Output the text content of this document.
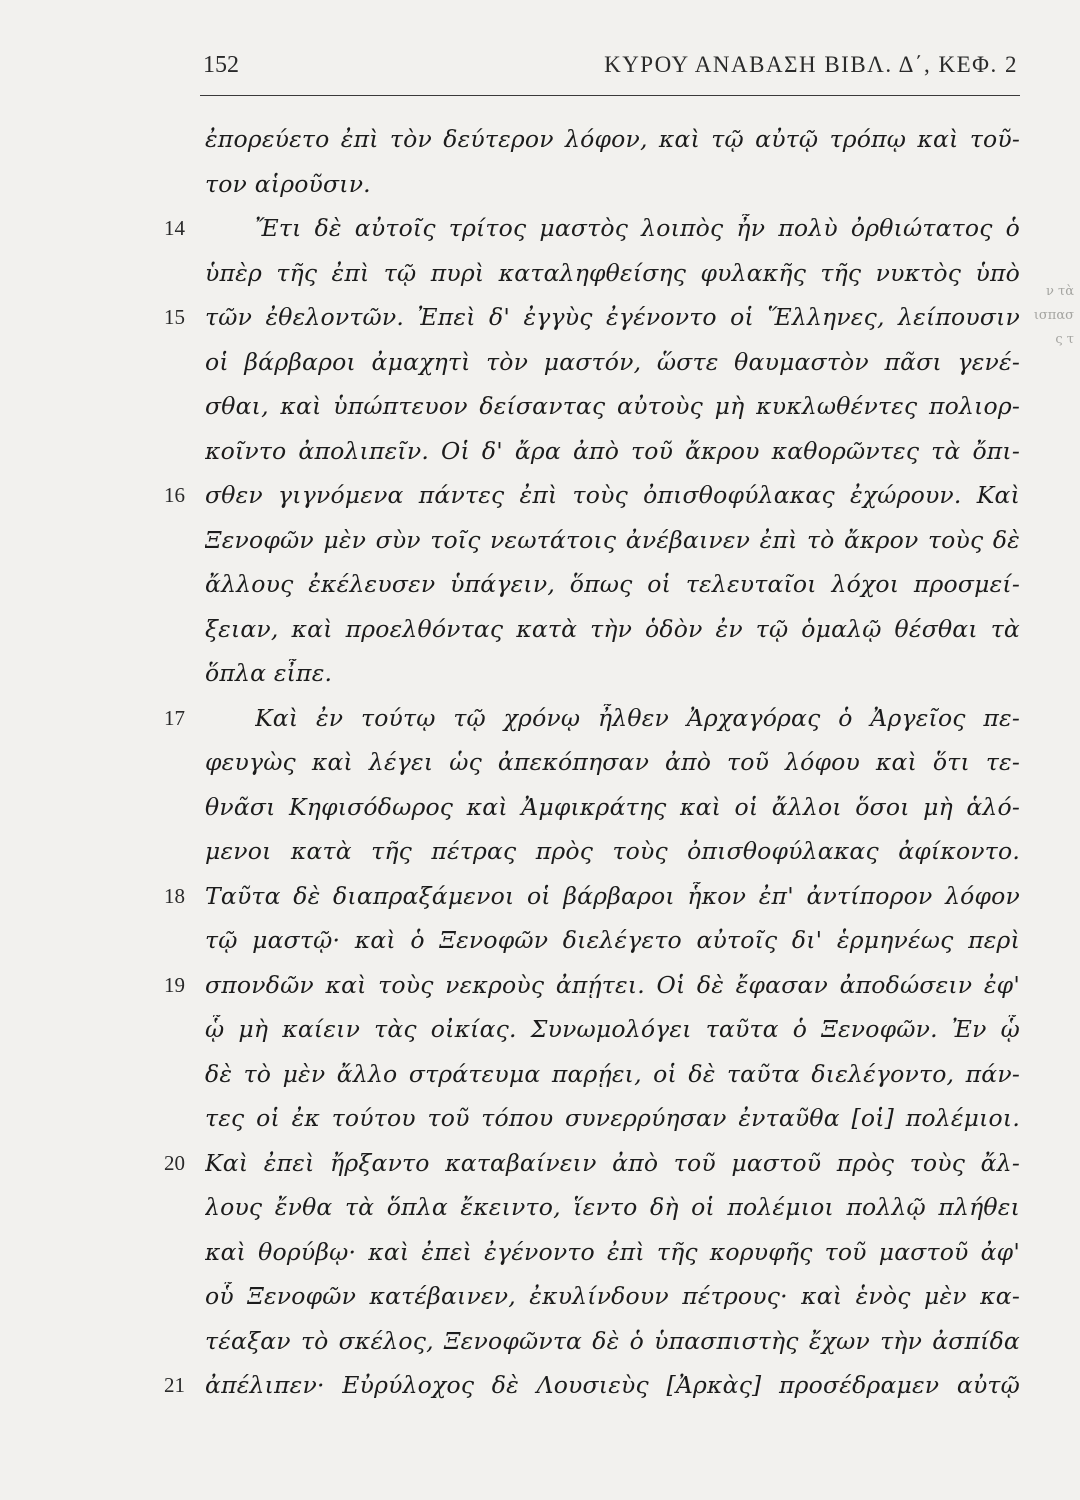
ν τὰ
ισπασ
ς τ
152	ΚΥΡΟΥ ΑΝΑΒΑΣΗ ΒΙΒΛ. Δ΄, ΚΕΦ. 2
ἐπορεύετο ἐπὶ τὸν δεύτερον λόφον, καὶ τῷ αὐτῷ τρόπῳ καὶ τοῦ-
τον αἱροῦσιν.
14	Ἔτι δὲ αὐτοῖς τρίτος μαστὸς λοιπὸς ἦν πολὺ ὀρθιώτατος ὁ
ὑπὲρ τῆς ἐπὶ τῷ πυρὶ καταληφθείσης φυλακῆς τῆς νυκτὸς ὑπὸ
15 τῶν ἐθελοντῶν. Ἐπεὶ δ' ἐγγὺς ἐγένοντο οἱ Ἕλληνες, λείπουσιν
οἱ βάρβαροι ἀμαχητὶ τὸν μαστόν, ὥστε θαυμαστὸν πᾶσι γενέ-
σθαι, καὶ ὑπώπτευον δείσαντας αὐτοὺς μὴ κυκλωθέντες πολιορ-
κοῖντο ἀπολιπεῖν. Οἱ δ' ἄρα ἀπὸ τοῦ ἄκρου καθορῶντες τὰ ὄπι-
16 σθεν γιγνόμενα πάντες ἐπὶ τοὺς ὀπισθοφύλακας ἐχώρουν. Καὶ
Ξενοφῶν μὲν σὺν τοῖς νεωτάτοις ἀνέβαινεν ἐπὶ τὸ ἄκρον τοὺς δὲ
ἄλλους ἐκέλευσεν ὑπάγειν, ὅπως οἱ τελευταῖοι λόχοι προσμεί-
ξειαν, καὶ προελθόντας κατὰ τὴν ὁδὸν ἐν τῷ ὁμαλῷ θέσθαι τὰ
ὅπλα εἶπε.
17	Καὶ ἐν τούτῳ τῷ χρόνῳ ἦλθεν Ἀρχαγόρας ὁ Ἀργεῖος πε-
φευγὼς καὶ λέγει ὡς ἀπεκόπησαν ἀπὸ τοῦ λόφου καὶ ὅτι τε-
θνᾶσι Κηφισόδωρος καὶ Ἀμφικράτης καὶ οἱ ἄλλοι ὅσοι μὴ ἁλό-
μενοι κατὰ τῆς πέτρας πρὸς τοὺς ὀπισθοφύλακας ἀφίκοντο.
18 Ταῦτα δὲ διαπραξάμενοι οἱ βάρβαροι ἧκον ἐπ' ἀντίπορον λόφον
τῷ μαστῷ· καὶ ὁ Ξενοφῶν διελέγετο αὐτοῖς δι' ἑρμηνέως περὶ
19 σπονδῶν καὶ τοὺς νεκροὺς ἀπῄτει. Οἱ δὲ ἔφασαν ἀποδώσειν ἐφ'
ᾧ μὴ καίειν τὰς οἰκίας. Συνωμολόγει ταῦτα ὁ Ξενοφῶν. Ἐν ᾧ
δὲ τὸ μὲν ἄλλο στράτευμα παρῄει, οἱ δὲ ταῦτα διελέγοντο, πάν-
τες οἱ ἐκ τούτου τοῦ τόπου συνερρύησαν ἐνταῦθα [οἱ] πολέμιοι.
20 Καὶ ἐπεὶ ἤρξαντο καταβαίνειν ἀπὸ τοῦ μαστοῦ πρὸς τοὺς ἄλ-
λους ἔνθα τὰ ὅπλα ἔκειντο, ἵεντο δὴ οἱ πολέμιοι πολλῷ πλήθει
καὶ θορύβῳ· καὶ ἐπεὶ ἐγένοντο ἐπὶ τῆς κορυφῆς τοῦ μαστοῦ ἀφ'
οὗ Ξενοφῶν κατέβαινεν, ἐκυλίνδουν πέτρους· καὶ ἑνὸς μὲν κα-
τέαξαν τὸ σκέλος, Ξενοφῶντα δὲ ὁ ὑπασπιστὴς ἔχων τὴν ἀσπίδα
21 ἀπέλιπεν· Εὐρύλοχος δὲ Λουσιεὺς [Ἀρκὰς] προσέδραμεν αὐτῷ
